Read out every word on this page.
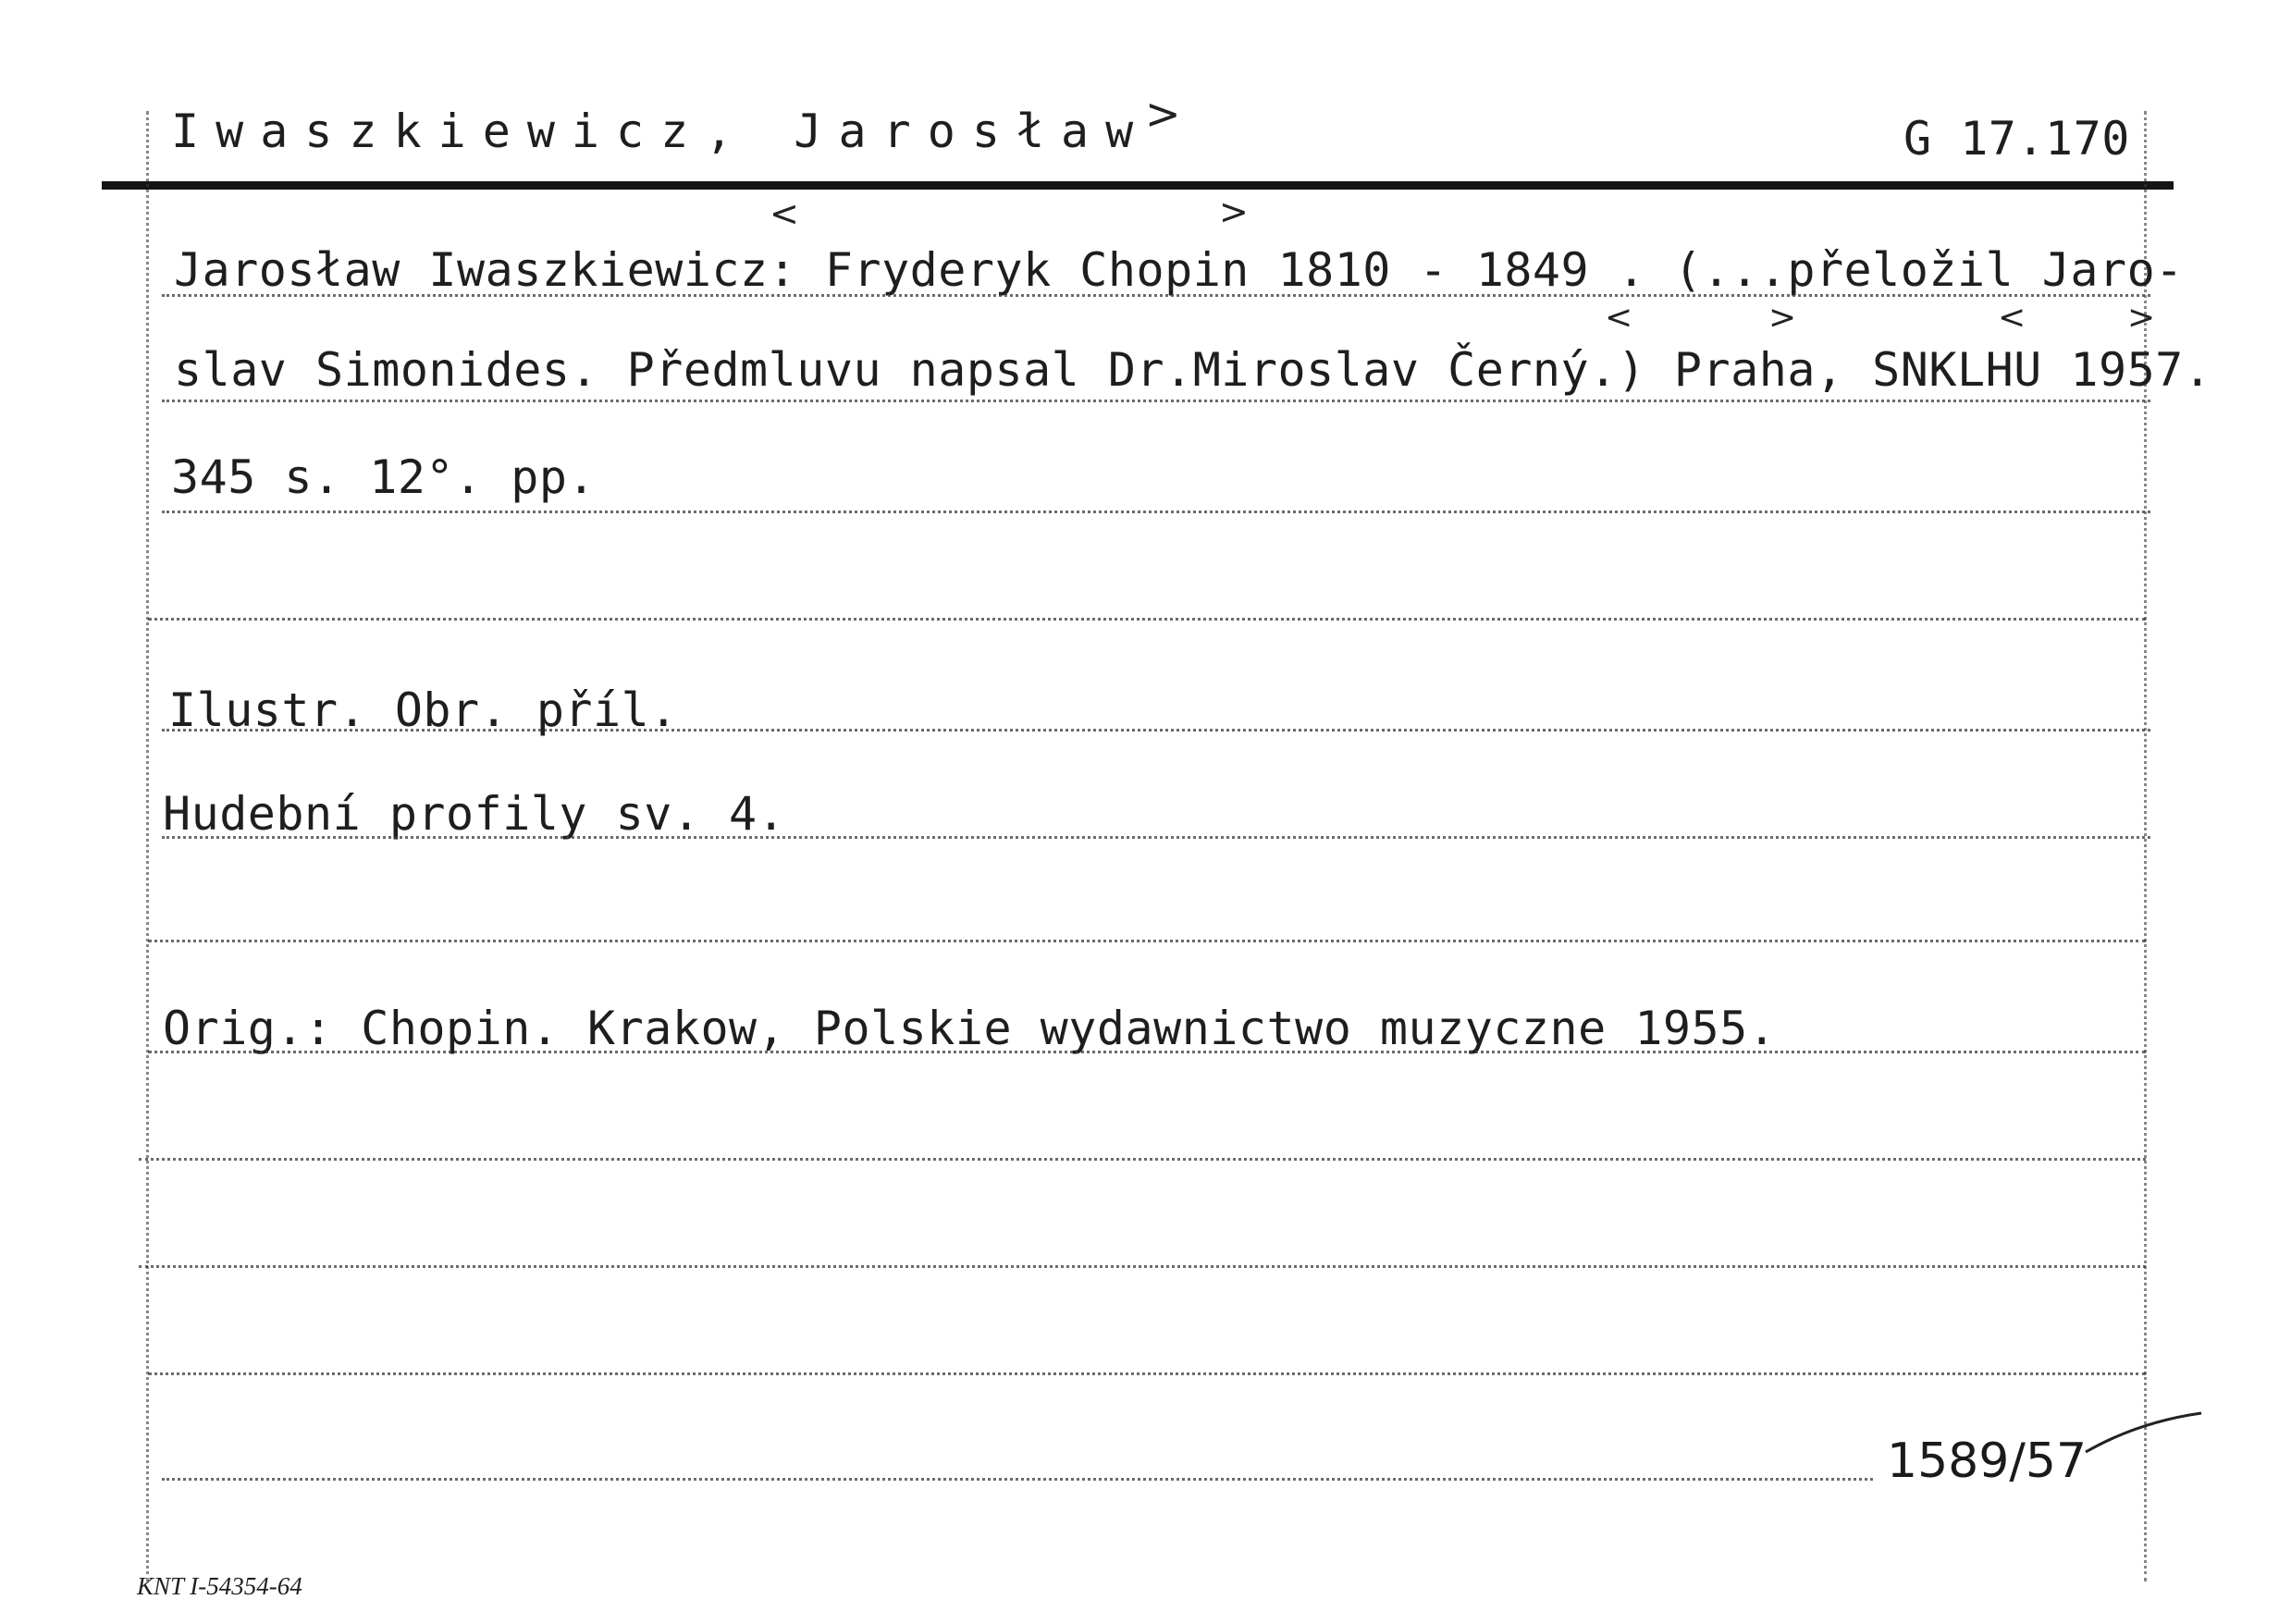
Iwaszkiewicz, Jarosław
>	G 17.170
Jarosław Iwaszkiewicz: Fryderyk Chopin 1810 - 1849 . (...přeložil Jaro-
<	>
slav Simonides. Předmluvu napsal Dr.Miroslav Černý.) Praha, SNKLHU 1957.
<	>	<	>
345 s. 12°. pp.
Ilustr. Obr. příl.
Hudební profily sv. 4.
Orig.: Chopin. Krakow, Polskie wydawnictwo muzyczne 1955.
1589/57
KNT I-54354-64
